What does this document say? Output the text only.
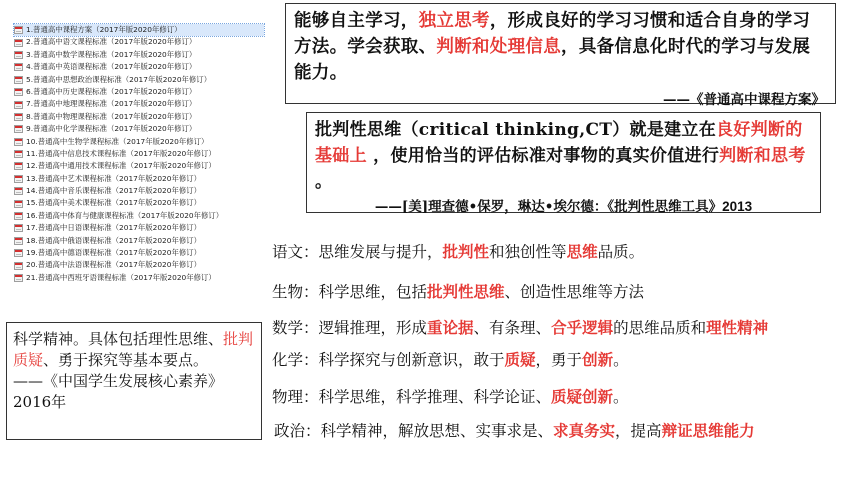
1.普通高中课程方案（2017年版2020年修订）
2.普通高中语文课程标准（2017年版2020年修订）
3.普通高中数学课程标准（2017年版2020年修订）
4.普通高中英语课程标准（2017年版2020年修订）
5.普通高中思想政治课程标准（2017年版2020年修订）
6.普通高中历史课程标准（2017年版2020年修订）
7.普通高中地理课程标准（2017年版2020年修订）
8.普通高中物理课程标准（2017年版2020年修订）
9.普通高中化学课程标准（2017年版2020年修订）
10.普通高中生物学课程标准（2017年版2020年修订）
11.普通高中信息技术课程标准（2017年版2020年修订）
12.普通高中通用技术课程标准（2017年版2020年修订）
13.普通高中艺术课程标准（2017年版2020年修订）
14.普通高中音乐课程标准（2017年版2020年修订）
15.普通高中美术课程标准（2017年版2020年修订）
16.普通高中体育与健康课程标准（2017年版2020年修订）
17.普通高中日语课程标准（2017年版2020年修订）
18.普通高中俄语课程标准（2017年版2020年修订）
19.普通高中德语课程标准（2017年版2020年修订）
20.普通高中法语课程标准（2017年版2020年修订）
21.普通高中西班牙语课程标准（2017年版2020年修订）
能够自主学习，独立思考，形成良好的学习习惯和适合自身的学习方法。学会获取、判断和处理信息，具备信息化时代的学习与发展能力。
——《普通高中课程方案》
批判性思维（critical thinking,CT）就是建立在良好判断的基础上 ，使用恰当的评估标准对事物的真实价值进行判断和思考 。
——[美]理查德•保罗，琳达•埃尔德：《批判性思维工具》2013
科学精神。具体包括理性思维、批判质疑、勇于探究等基本要点。
——《中国学生发展核心素养》
2016年
语文：思维发展与提升，批判性和独创性等思维品质。
生物：科学思维，包括批判性思维、创造性思维等方法
数学：逻辑推理，形成重论据、有条理、合乎逻辑的思维品质和理性精神
化学：科学探究与创新意识，敢于质疑，勇于创新。
物理：科学思维，科学推理、科学论证、质疑创新。
政治：科学精神，解放思想、实事求是、求真务实，提高辩证思维能力
